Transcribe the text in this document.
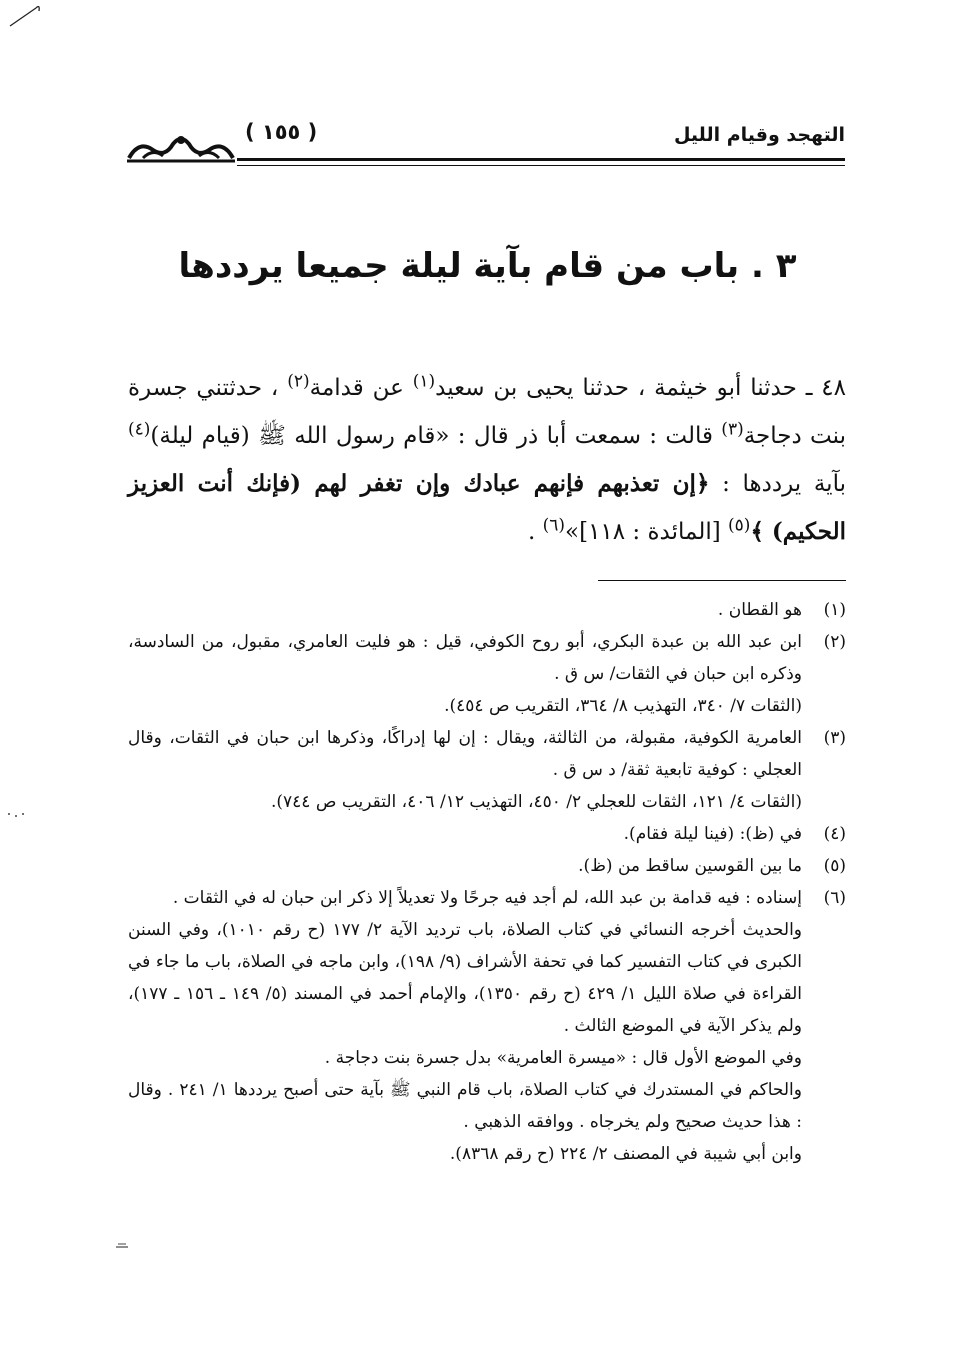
( ١٥٥ )	التهجد وقيام الليل
٣ . باب من قام بآية ليلة جميعا يرددها

٤٨ ـ حدثنا أبو خيثمة ، حدثنا يحيى بن سعيد$^{(١)}$ عن قدامة$^{(٢)}$ ، حدثتني جسرة بنت دجاجة$^{(٣)}$ قالت : سمعت أبا ذر قال : «قام رسول الله ﷺ (قيام ليلة)$^{(٤)}$ بآية يرددها : ﴿إن تعذبهم فإنهم عبادك وإن تغفر لهم (فإنك أنت العزيز الحكيم) ﴾$^{(٥)}$ [المائدة : ١١٨]»$^{(٦)}$ .

(١)
هو القطان .
(٢)
ابن عبد الله بن عبدة البكري، أبو روح الكوفي، قيل : هو فليت العامري، مقبول، من السادسة، وذكره ابن حبان في الثقات/ س ق .
(الثقات ٧/ ٣٤٠، التهذيب ٨/ ٣٦٤، التقريب ص ٤٥٤).
(٣)
العامرية الكوفية، مقبولة، من الثالثة، ويقال : إن لها إدراكًا، وذكرها ابن حبان في الثقات، وقال العجلي : كوفية تابعية ثقة/ د س ق .
(الثقات ٤/ ١٢١، الثقات للعجلي ٢/ ٤٥٠، التهذيب ١٢/ ٤٠٦، التقريب ص ٧٤٤).
(٤)
في (ظ): (فينا ليلة فقام).
(٥)
ما بين القوسين ساقط من (ظ).
(٦)
إسناده : فيه قدامة بن عبد الله، لم أجد فيه جرحًا ولا تعديلاً إلا ذكر ابن حبان له في الثقات .
والحديث أخرجه النسائي في كتاب الصلاة، باب ترديد الآية ٢/ ١٧٧ (ح رقم ١٠١٠)، وفي السنن الكبرى في كتاب التفسير كما في تحفة الأشراف (٩/ ١٩٨)، وابن ماجه في الصلاة، باب ما جاء في القراءة في صلاة الليل ١/ ٤٢٩ (ح رقم ١٣٥٠)، والإمام أحمد في المسند (٥/ ١٤٩ ـ ١٥٦ ـ ١٧٧)، ولم يذكر الآية في الموضع الثالث .
وفي الموضع الأول قال : «ميسرة العامرية» بدل جسرة بنت دجاجة .
والحاكم في المستدرك في كتاب الصلاة، باب قام النبي ﷺ بآية حتى أصبح يرددها ١/ ٢٤١ . وقال : هذا حديث صحيح ولم يخرجاه . ووافقه الذهبي .
وابن أبي شيبة في المصنف ٢/ ٢٢٤ (ح رقم ٨٣٦٨).
